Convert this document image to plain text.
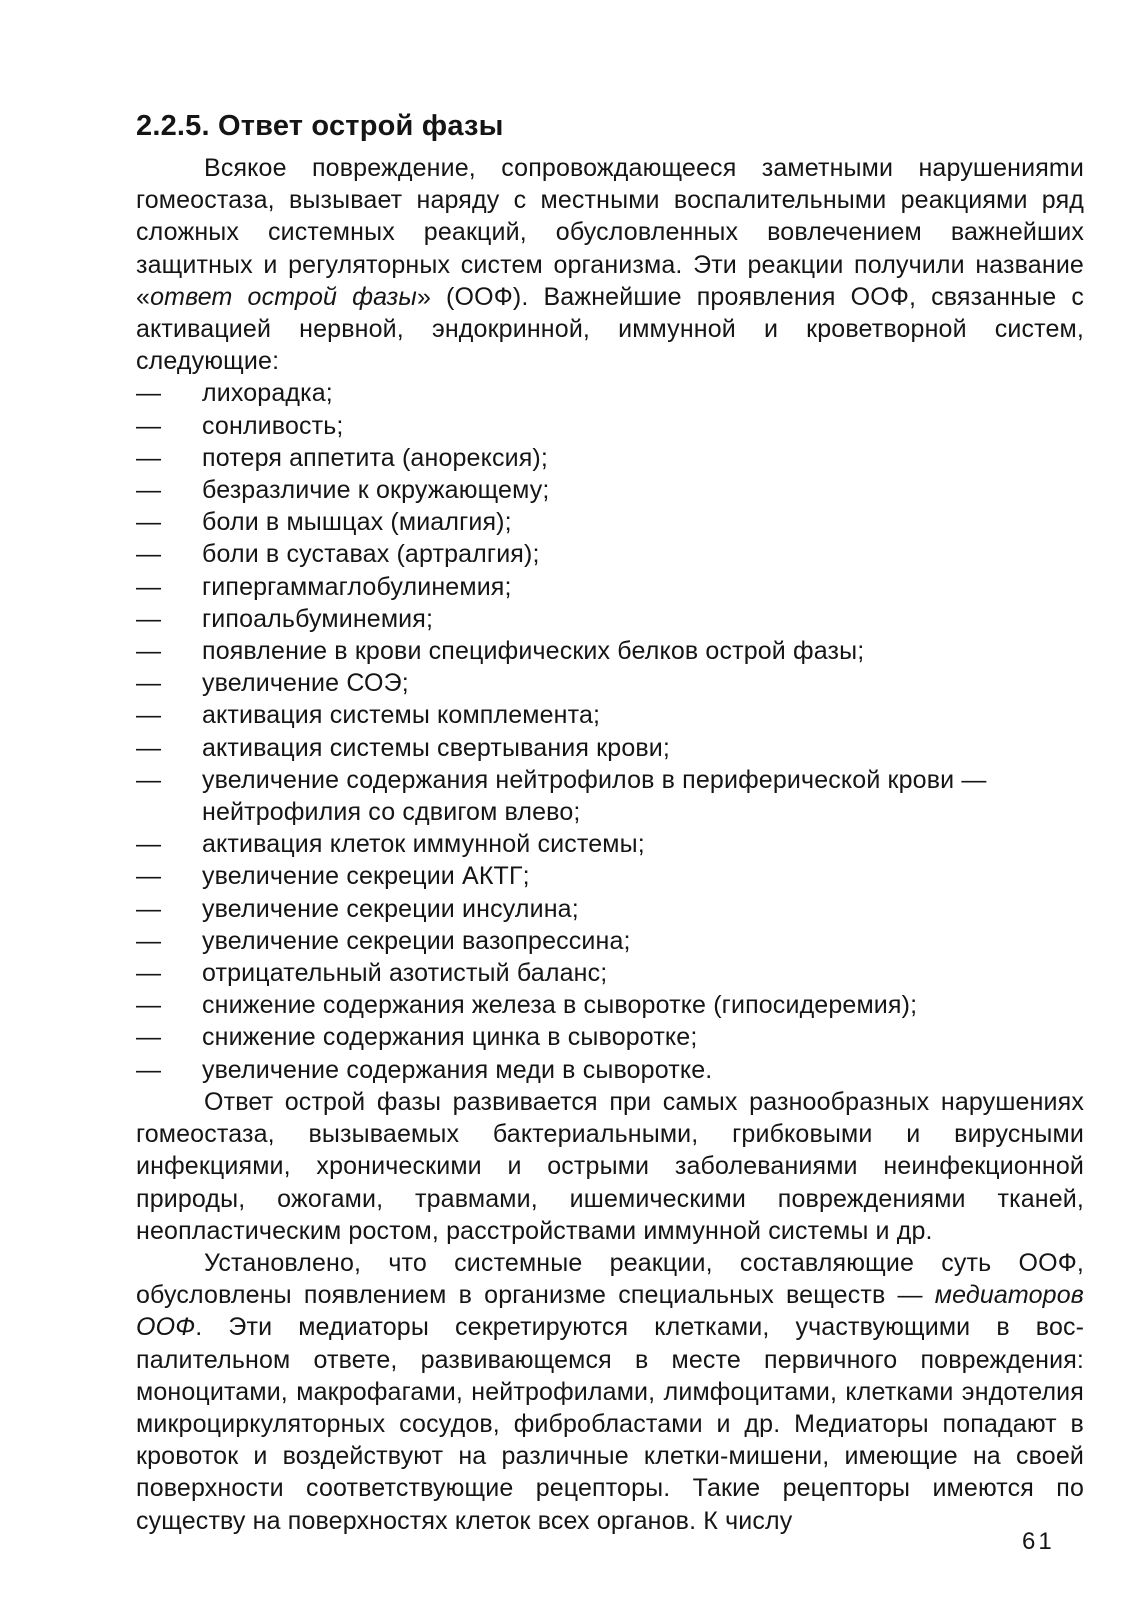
2.2.5. Ответ острой фазы

Всякое повреждение, сопровождающееся заметными нарушенияmи гомеостаза, вызывает наряду с местными воспалительными реакциями ряд сложных системных реакций, обусловленных вовлечением важнейших защитных и регуляторных систем организма. Эти реакции получили название «ответ острой фазы» (ООФ). Важнейшие проявления ООФ, связанные с активацией нервной, эндокринной, иммунной и кроветворной систем, следующие:

—	лихорадка;
—	сонливость;
—	потеря аппетита (анорексия);
—	безразличие к окружающему;
—	боли в мышцах (миалгия);
—	боли в суставах (артралгия);
—	гипергаммаглобулинемия;
—	гипоальбуминемия;
—	появление в крови специфических белков острой фазы;
—	увеличение СОЭ;
—	активация системы комплемента;
—	активация системы свертывания крови;
—	увеличение содержания нейтрофилов в периферической крови — нейтрофилия со сдвигом влево;
—	активация клеток иммунной системы;
—	увеличение секреции АКТГ;
—	увеличение секреции инсулина;
—	увеличение секреции вазопрессина;
—	отрицательный азотистый баланс;
—	снижение содержания железа в сыворотке (гипосидеремия);
—	снижение содержания цинка в сыворотке;
—	увеличение содержания меди в сыворотке.

Ответ острой фазы развивается при самых разнообразных нарушениях гомеостаза, вызываемых бактериальными, грибковыми и вирусными инфекциями, хроническими и острыми заболеваниями неинфекционной природы, ожогами, травмами, ишемическими повреждениями тканей, неопластическим ростом, расстройствами иммунной системы и др.

Установлено, что системные реакции, составляющие суть ООФ, обусловлены появлением в организме специальных веществ — медиаторов ООФ. Эти медиаторы секретируются клетками, участвующими в воспалительном ответе, развивающемся в месте первичного повреждения: моноцитами, макрофагами, нейтрофилами, лимфоцитами, клетками эндотелия микроциркуляторных сосудов, фибробластами и др. Медиаторы попадают в кровоток и воздействуют на различные клетки-мишени, имеющие на своей поверхности соответствующие рецепторы. Такие рецепторы имеются по существу на поверхностях клеток всех органов. К числу

61
